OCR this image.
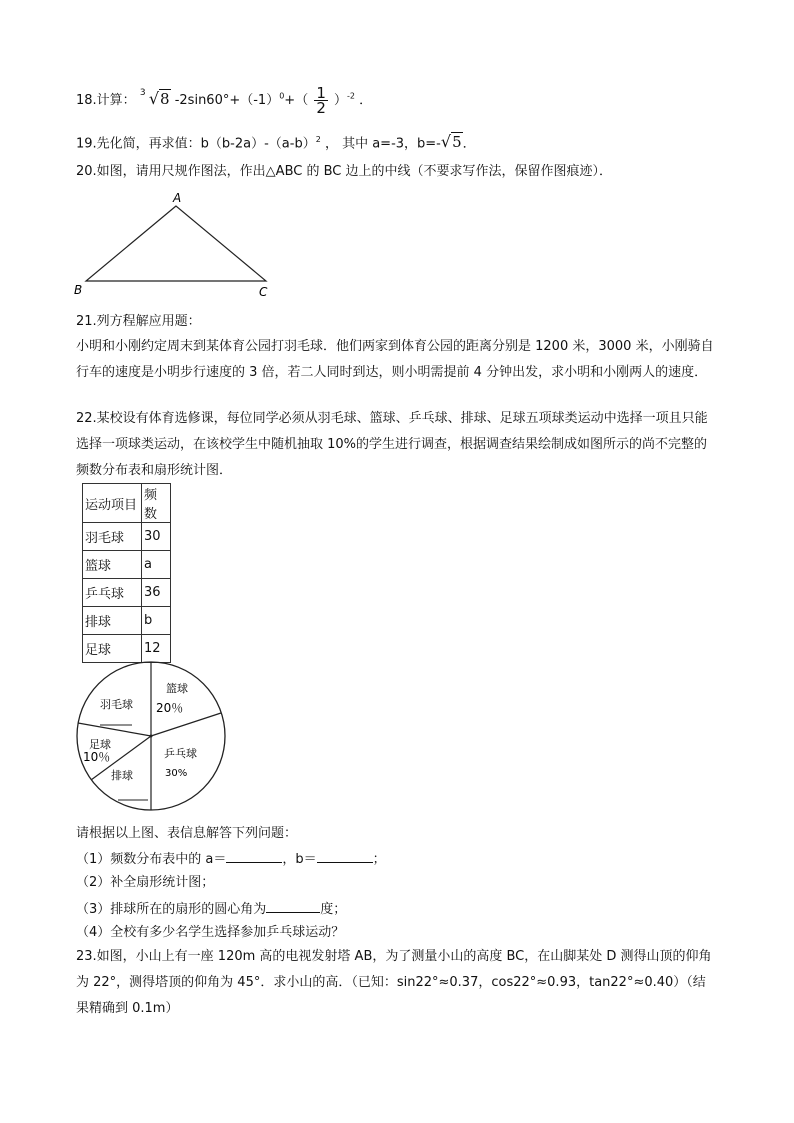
18.计算： 3 √8 $-2\sin 60^\circ+(-1)^0+( \frac{1}{2} )^{-2}$ ．
19.先化简，再求值：$b(b-2a)-(a-b)^2$ ， 其中 a=-3，b=-√5．
20.如图，请用尺规作图法，作出△ABC 的 BC 边上的中线（不要求写作法，保留作图痕迹）．
A
B	C
21.列方程解应用题：
小明和小刚约定周末到某体育公园打羽毛球．他们两家到体育公园的距离分别是 1200 米，3000 米，小刚骑自行车的速度是小明步行速度的 3 倍，若二人同时到达，则小明需提前 4 分钟出发，求小明和小刚两人的速度．
22.某校设有体育选修课，每位同学必须从羽毛球、篮球、乒乓球、排球、足球五项球类运动中选择一项且只能选择一项球类运动，在该校学生中随机抽取 10%的学生进行调查，根据调查结果绘制成如图所示的尚不完整的频数分布表和扇形统计图．
运动项目	频数
羽毛球	30
篮球	a
乒乓球	36
排球	b
足球	12
羽毛球
篮球
20％
乒乓球
30%
足球
10％
排球
请根据以上图、表信息解答下列问题：
（1）频数分布表中的 a＝	，b＝	；
（2）补全扇形统计图；
（3）排球所在的扇形的圆心角为	度；
（4）全校有多少名学生选择参加乒乓球运动？
23.如图，小山上有一座 120m 高的电视发射塔 AB，为了测量小山的高度 BC，在山脚某处 D 测得山顶的仰角为 22°，测得塔顶的仰角为 45°．求小山的高．（已知：sin22°≈0.37，cos22°≈0.93，tan22°≈0.40）（结果精确到 0.1m）
